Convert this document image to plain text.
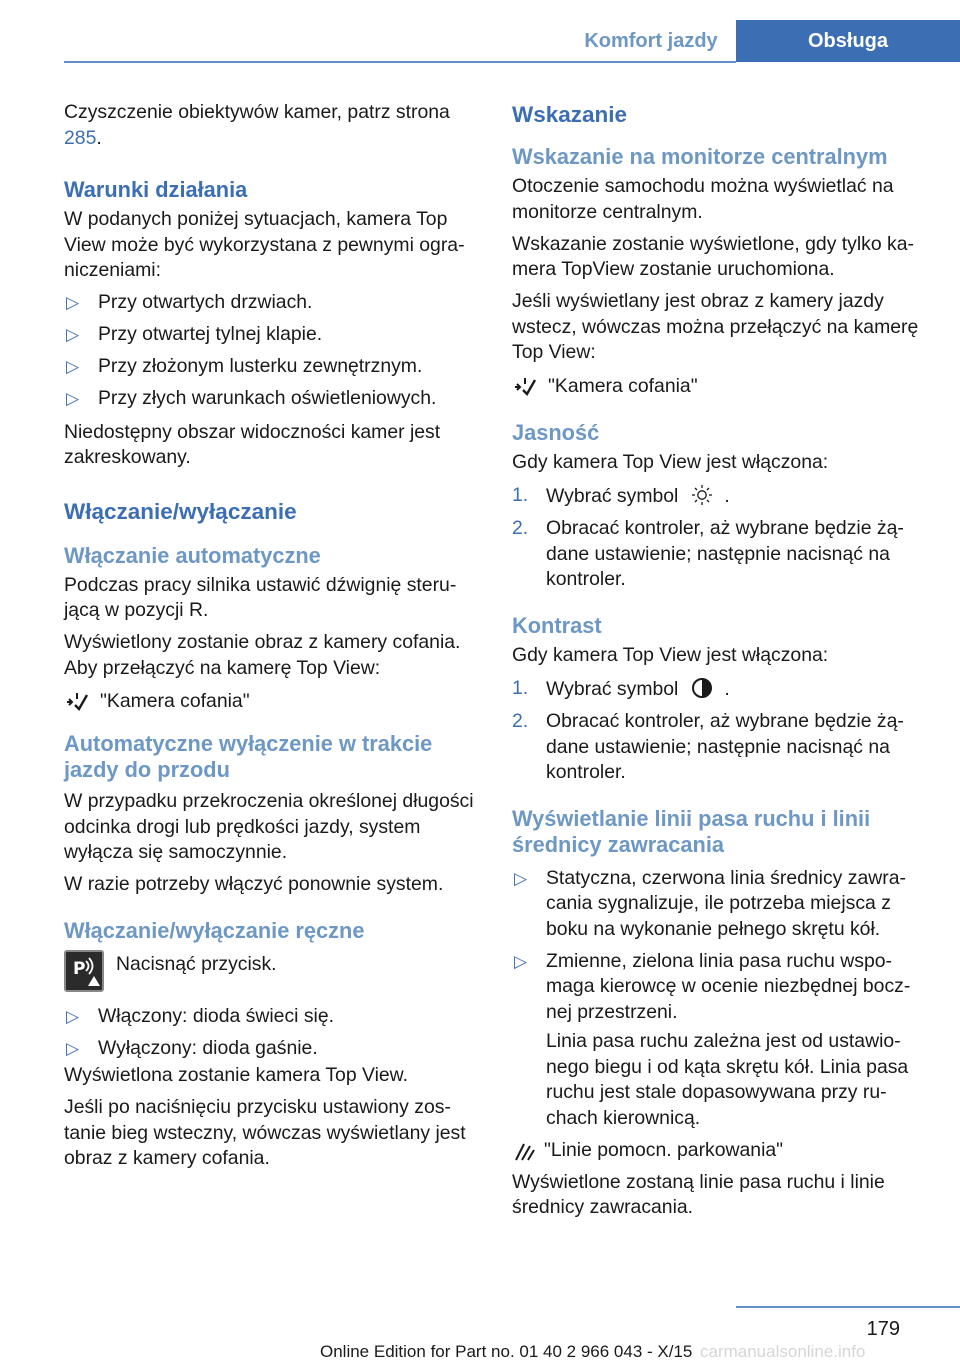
Komfort jazdy	Obsługa

Czyszczenie obiektywów kamer, patrz strona 285.

Warunki działania

W podanych poniżej sytuacjach, kamera Top View może być wykorzystana z pewnymi ograniczeniami:

▷ Przy otwartych drzwiach.
▷ Przy otwartej tylnej klapie.
▷ Przy złożonym lusterku zewnętrznym.
▷ Przy złych warunkach oświetleniowych.

Niedostępny obszar widoczności kamer jest zakreskowany.

Włączanie/wyłączanie
Włączanie automatyczne

Podczas pracy silnika ustawić dźwignię sterującą w pozycji R.

Wyświetlony zostanie obraz z kamery cofania. Aby przełączyć na kamerę Top View:

"Kamera cofania"
Automatyczne wyłączenie w trakcie jazdy do przodu

W przypadku przekroczenia określonej długości odcinka drogi lub prędkości jazdy, system wyłącza się samoczynnie.

W razie potrzeby włączyć ponownie system.

Włączanie/wyłączanie ręczne
P Nacisnąć przycisk.

▷ Włączony: dioda świeci się.
▷ Wyłączony: dioda gaśnie.

Wyświetlona zostanie kamera Top View.

Jeśli po naciśnięciu przycisku ustawiony zostanie bieg wsteczny, wówczas wyświetlany jest obraz z kamery cofania.

Wskazanie
Wskazanie na monitorze centralnym

Otoczenie samochodu można wyświetlać na monitorze centralnym.

Wskazanie zostanie wyświetlone, gdy tylko kamera TopView zostanie uruchomiona.

Jeśli wyświetlany jest obraz z kamery jazdy wstecz, wówczas można przełączyć na kamerę Top View:

"Kamera cofania"
Jasność

Gdy kamera Top View jest włączona:

1. Wybrać symbol .
2. Obracać kontroler, aż wybrane będzie żądane ustawienie; następnie nacisnąć na kontroler.
Kontrast

Gdy kamera Top View jest włączona:

1. Wybrać symbol .
2. Obracać kontroler, aż wybrane będzie żądane ustawienie; następnie nacisnąć na kontroler.
Wyświetlanie linii pasa ruchu i linii średnicy zawracania
▷ Statyczna, czerwona linia średnicy zawracania sygnalizuje, ile potrzeba miejsca z boku na wykonanie pełnego skrętu kół.
▷ Zmienne, zielona linia pasa ruchu wspomaga kierowcę w ocenie niezbędnej bocznej przestrzeni.

Linia pasa ruchu zależna jest od ustawionego biegu i od kąta skrętu kół. Linia pasa ruchu jest stale dopasowywana przy ruchach kierownicą.

"Linie pomocn. parkowania"

Wyświetlone zostaną linie pasa ruchu i linie średnicy zawracania.

179
Online Edition for Part no. 01 40 2 966 043 - X/15 carmanualsonline.info
